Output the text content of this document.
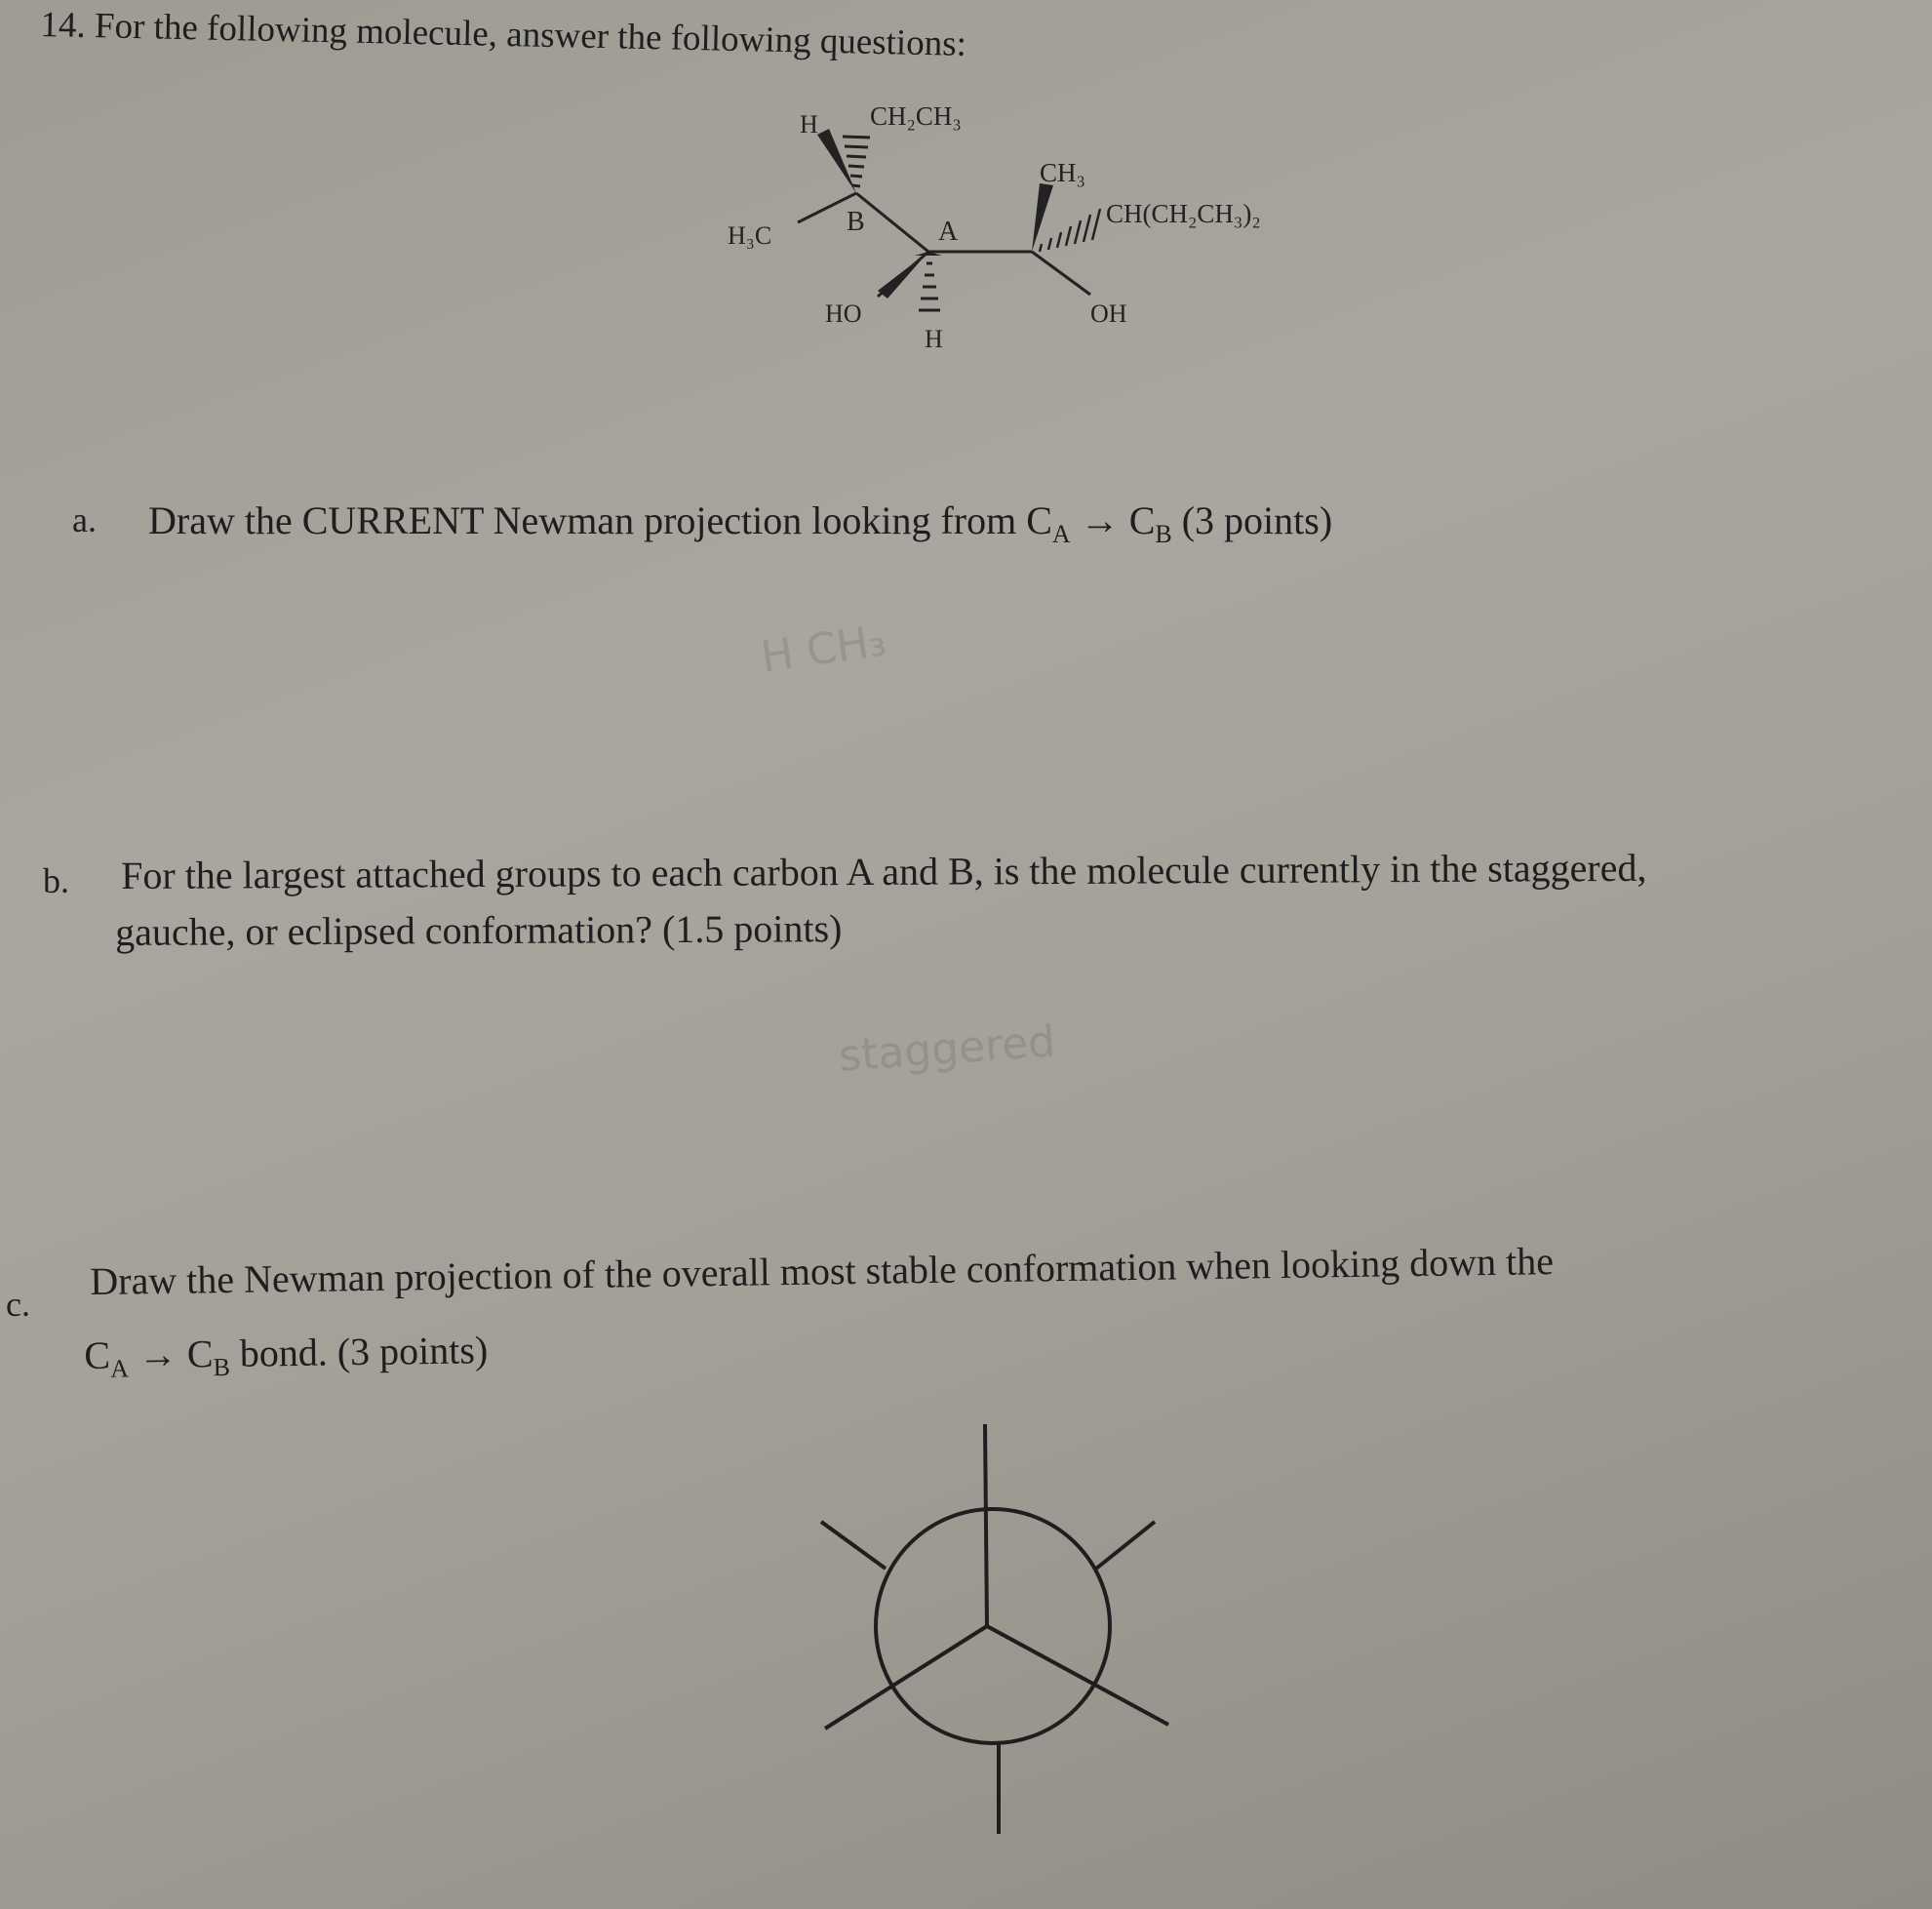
14. For the following molecule, answer the following questions:
H CH₂CH₃
H₃C	B
HO
A
H
CH₃
CH(CH₂CH₃)₂
OH
H CH₃
staggered
a. Draw the CURRENT Newman projection looking from $C_A \to C_B$ (3 points)
b. For the largest attached groups to each carbon A and B, is the molecule currently in the staggered,
gauche, or eclipsed conformation? (1.5 points)
c.
Draw the Newman projection of the overall most stable conformation when looking down the
$C_A \to C_B$ bond. (3 points)
